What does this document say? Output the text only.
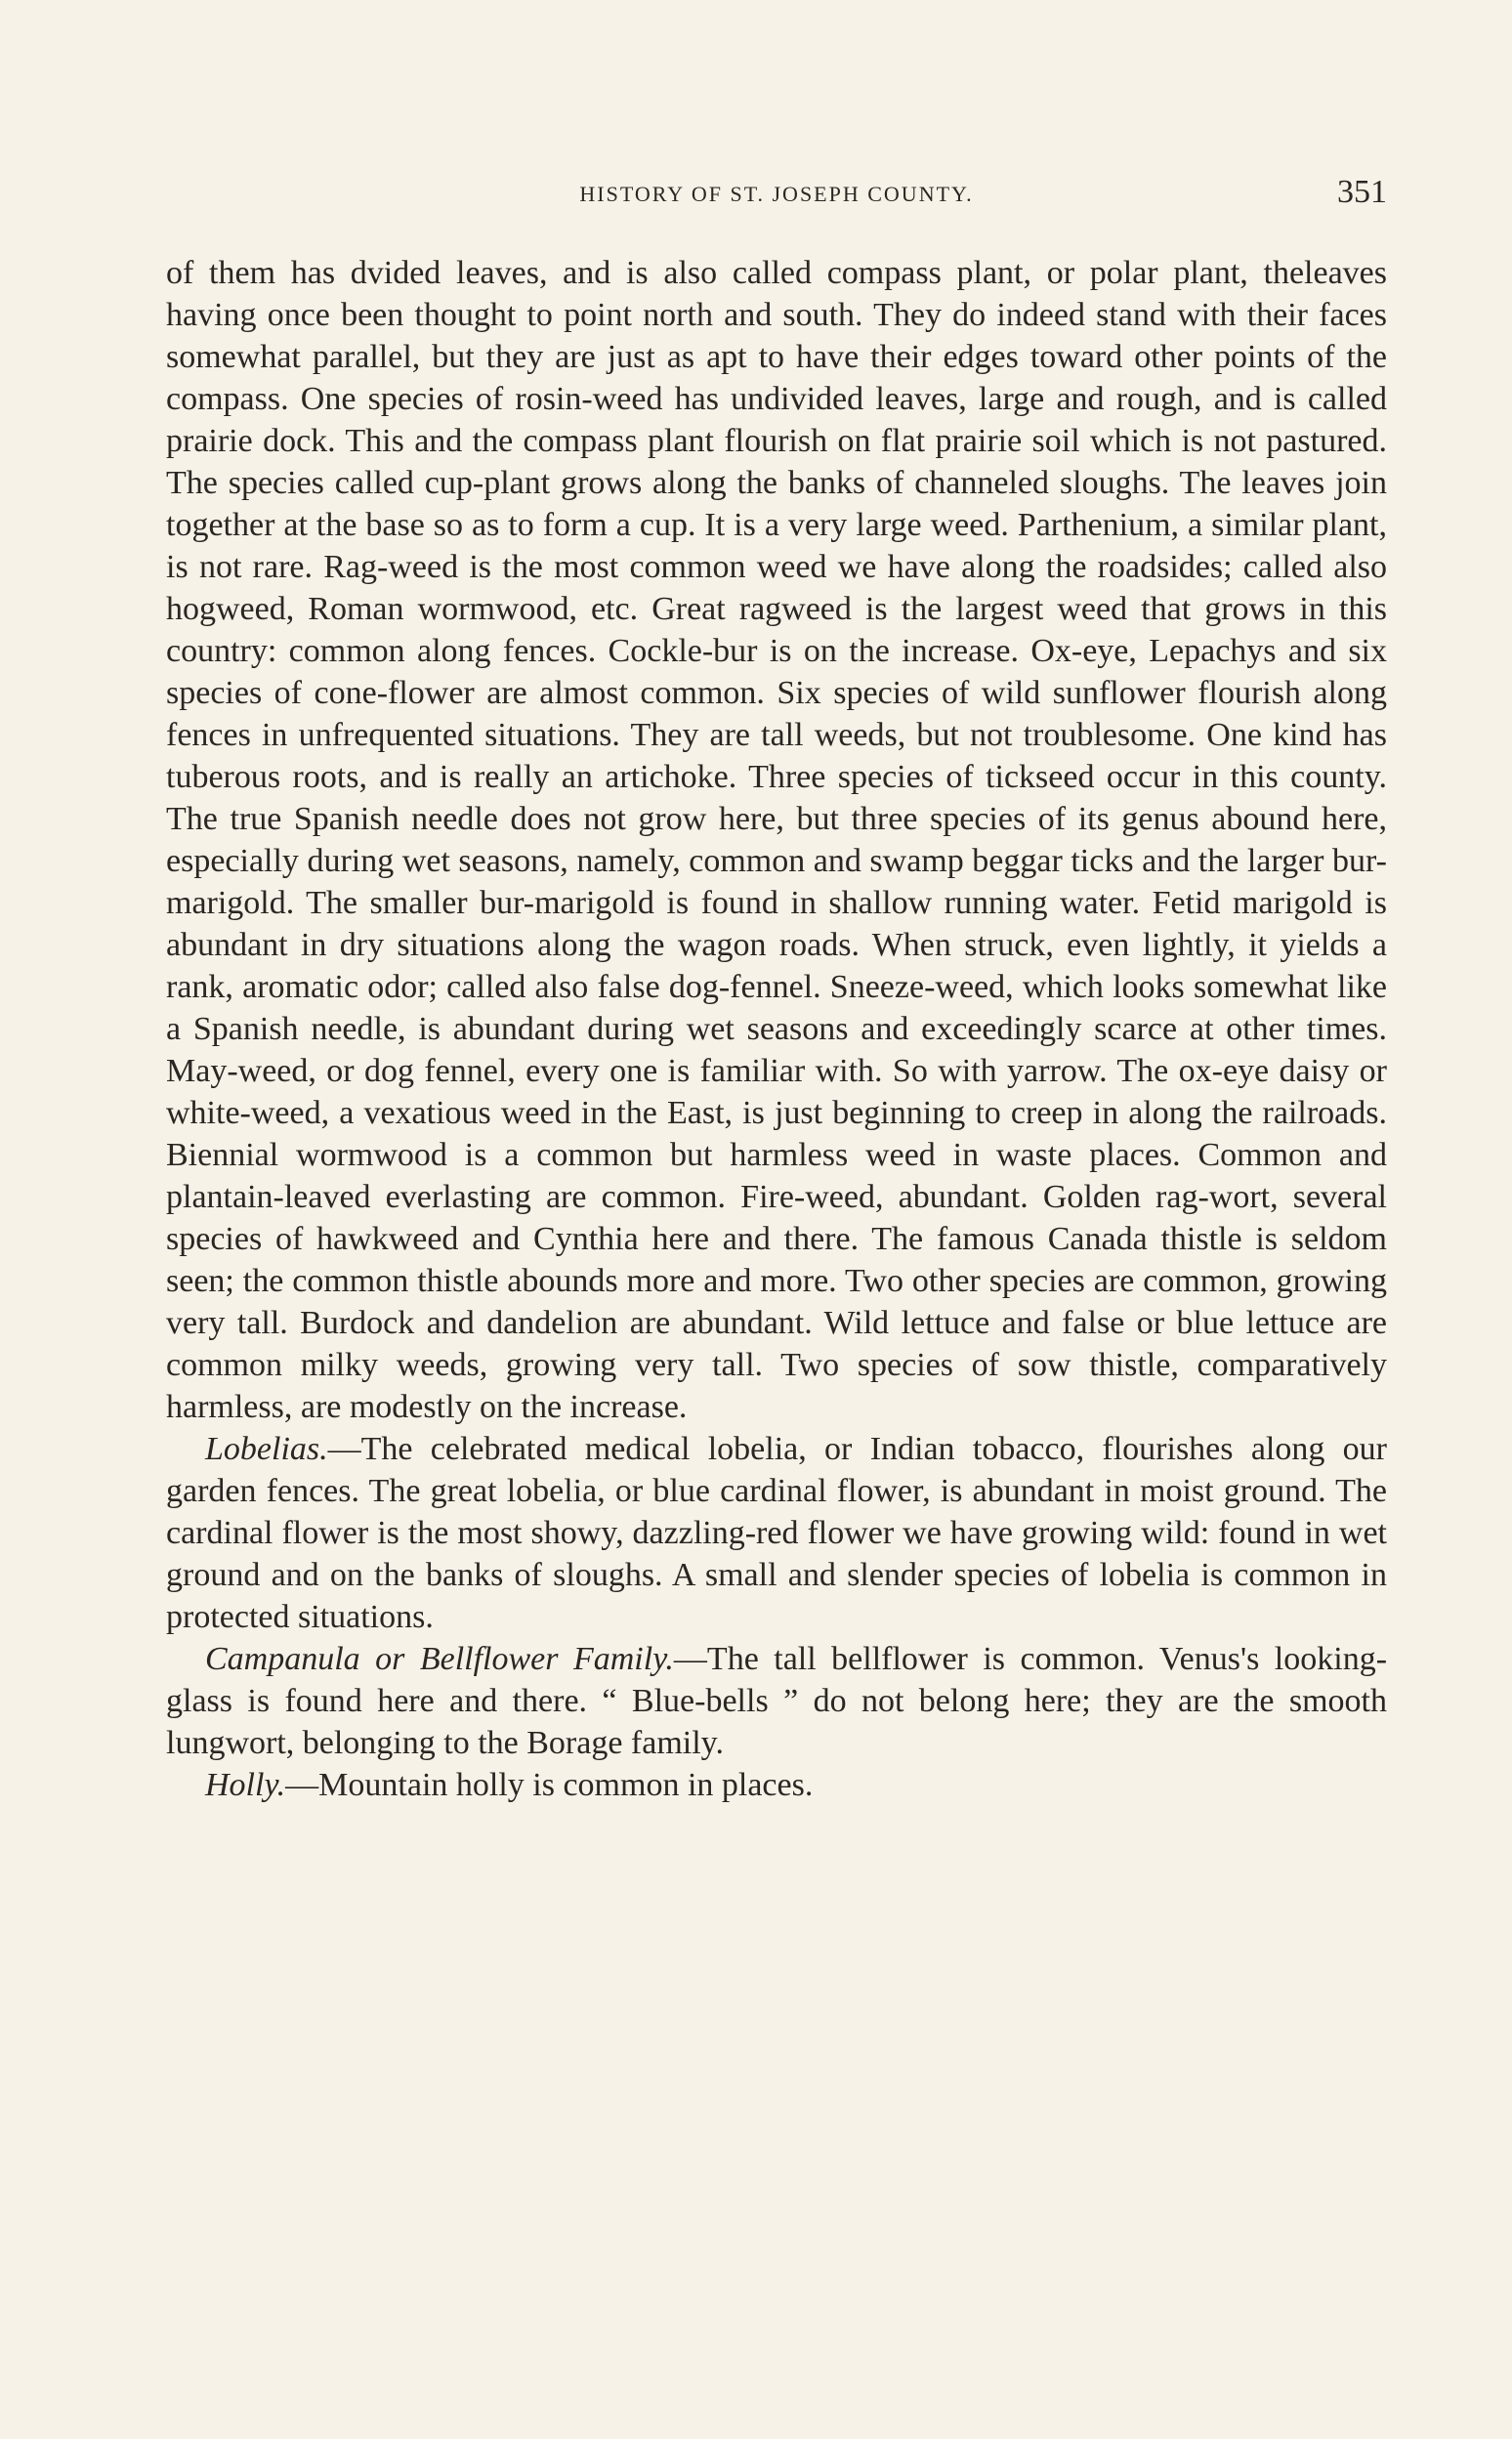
HISTORY OF ST. JOSEPH COUNTY.	351

of them has dvided leaves, and is also called compass plant, or polar plant, theleaves having once been thought to point north and south. They do indeed stand with their faces somewhat parallel, but they are just as apt to have their edges toward other points of the compass. One species of rosin-weed has undivided leaves, large and rough, and is called prairie dock. This and the compass plant flourish on flat prairie soil which is not pastured. The species called cup-plant grows along the banks of channeled sloughs. The leaves join together at the base so as to form a cup. It is a very large weed. Parthenium, a similar plant, is not rare. Rag-weed is the most common weed we have along the roadsides; called also hogweed, Roman wormwood, etc. Great ragweed is the largest weed that grows in this country: common along fences. Cockle-bur is on the increase. Ox-eye, Lepachys and six species of cone-flower are almost common. Six species of wild sunflower flourish along fences in unfrequented situations. They are tall weeds, but not troublesome. One kind has tuberous roots, and is really an artichoke. Three species of tickseed occur in this county. The true Spanish needle does not grow here, but three species of its genus abound here, especially during wet seasons, namely, common and swamp beggar ticks and the larger bur-marigold. The smaller bur-marigold is found in shallow running water. Fetid marigold is abundant in dry situations along the wagon roads. When struck, even lightly, it yields a rank, aromatic odor; called also false dog-fennel. Sneeze-weed, which looks somewhat like a Spanish needle, is abundant during wet seasons and exceedingly scarce at other times. May-weed, or dog fennel, every one is familiar with. So with yarrow. The ox-eye daisy or white-weed, a vexatious weed in the East, is just beginning to creep in along the railroads. Biennial wormwood is a common but harmless weed in waste places. Common and plantain-leaved everlasting are common. Fire-weed, abundant. Golden rag-wort, several species of hawkweed and Cynthia here and there. The famous Canada thistle is seldom seen; the common thistle abounds more and more. Two other species are common, growing very tall. Burdock and dandelion are abundant. Wild lettuce and false or blue lettuce are common milky weeds, growing very tall. Two species of sow thistle, comparatively harmless, are modestly on the increase.

Lobelias.—The celebrated medical lobelia, or Indian tobacco, flourishes along our garden fences. The great lobelia, or blue cardinal flower, is abundant in moist ground. The cardinal flower is the most showy, dazzling-red flower we have growing wild: found in wet ground and on the banks of sloughs. A small and slender species of lobelia is common in protected situations.

Campanula or Bellflower Family.—The tall bellflower is common. Venus's looking-glass is found here and there. “ Blue-bells ” do not belong here; they are the smooth lungwort, belonging to the Borage family.

Holly.—Mountain holly is common in places.
